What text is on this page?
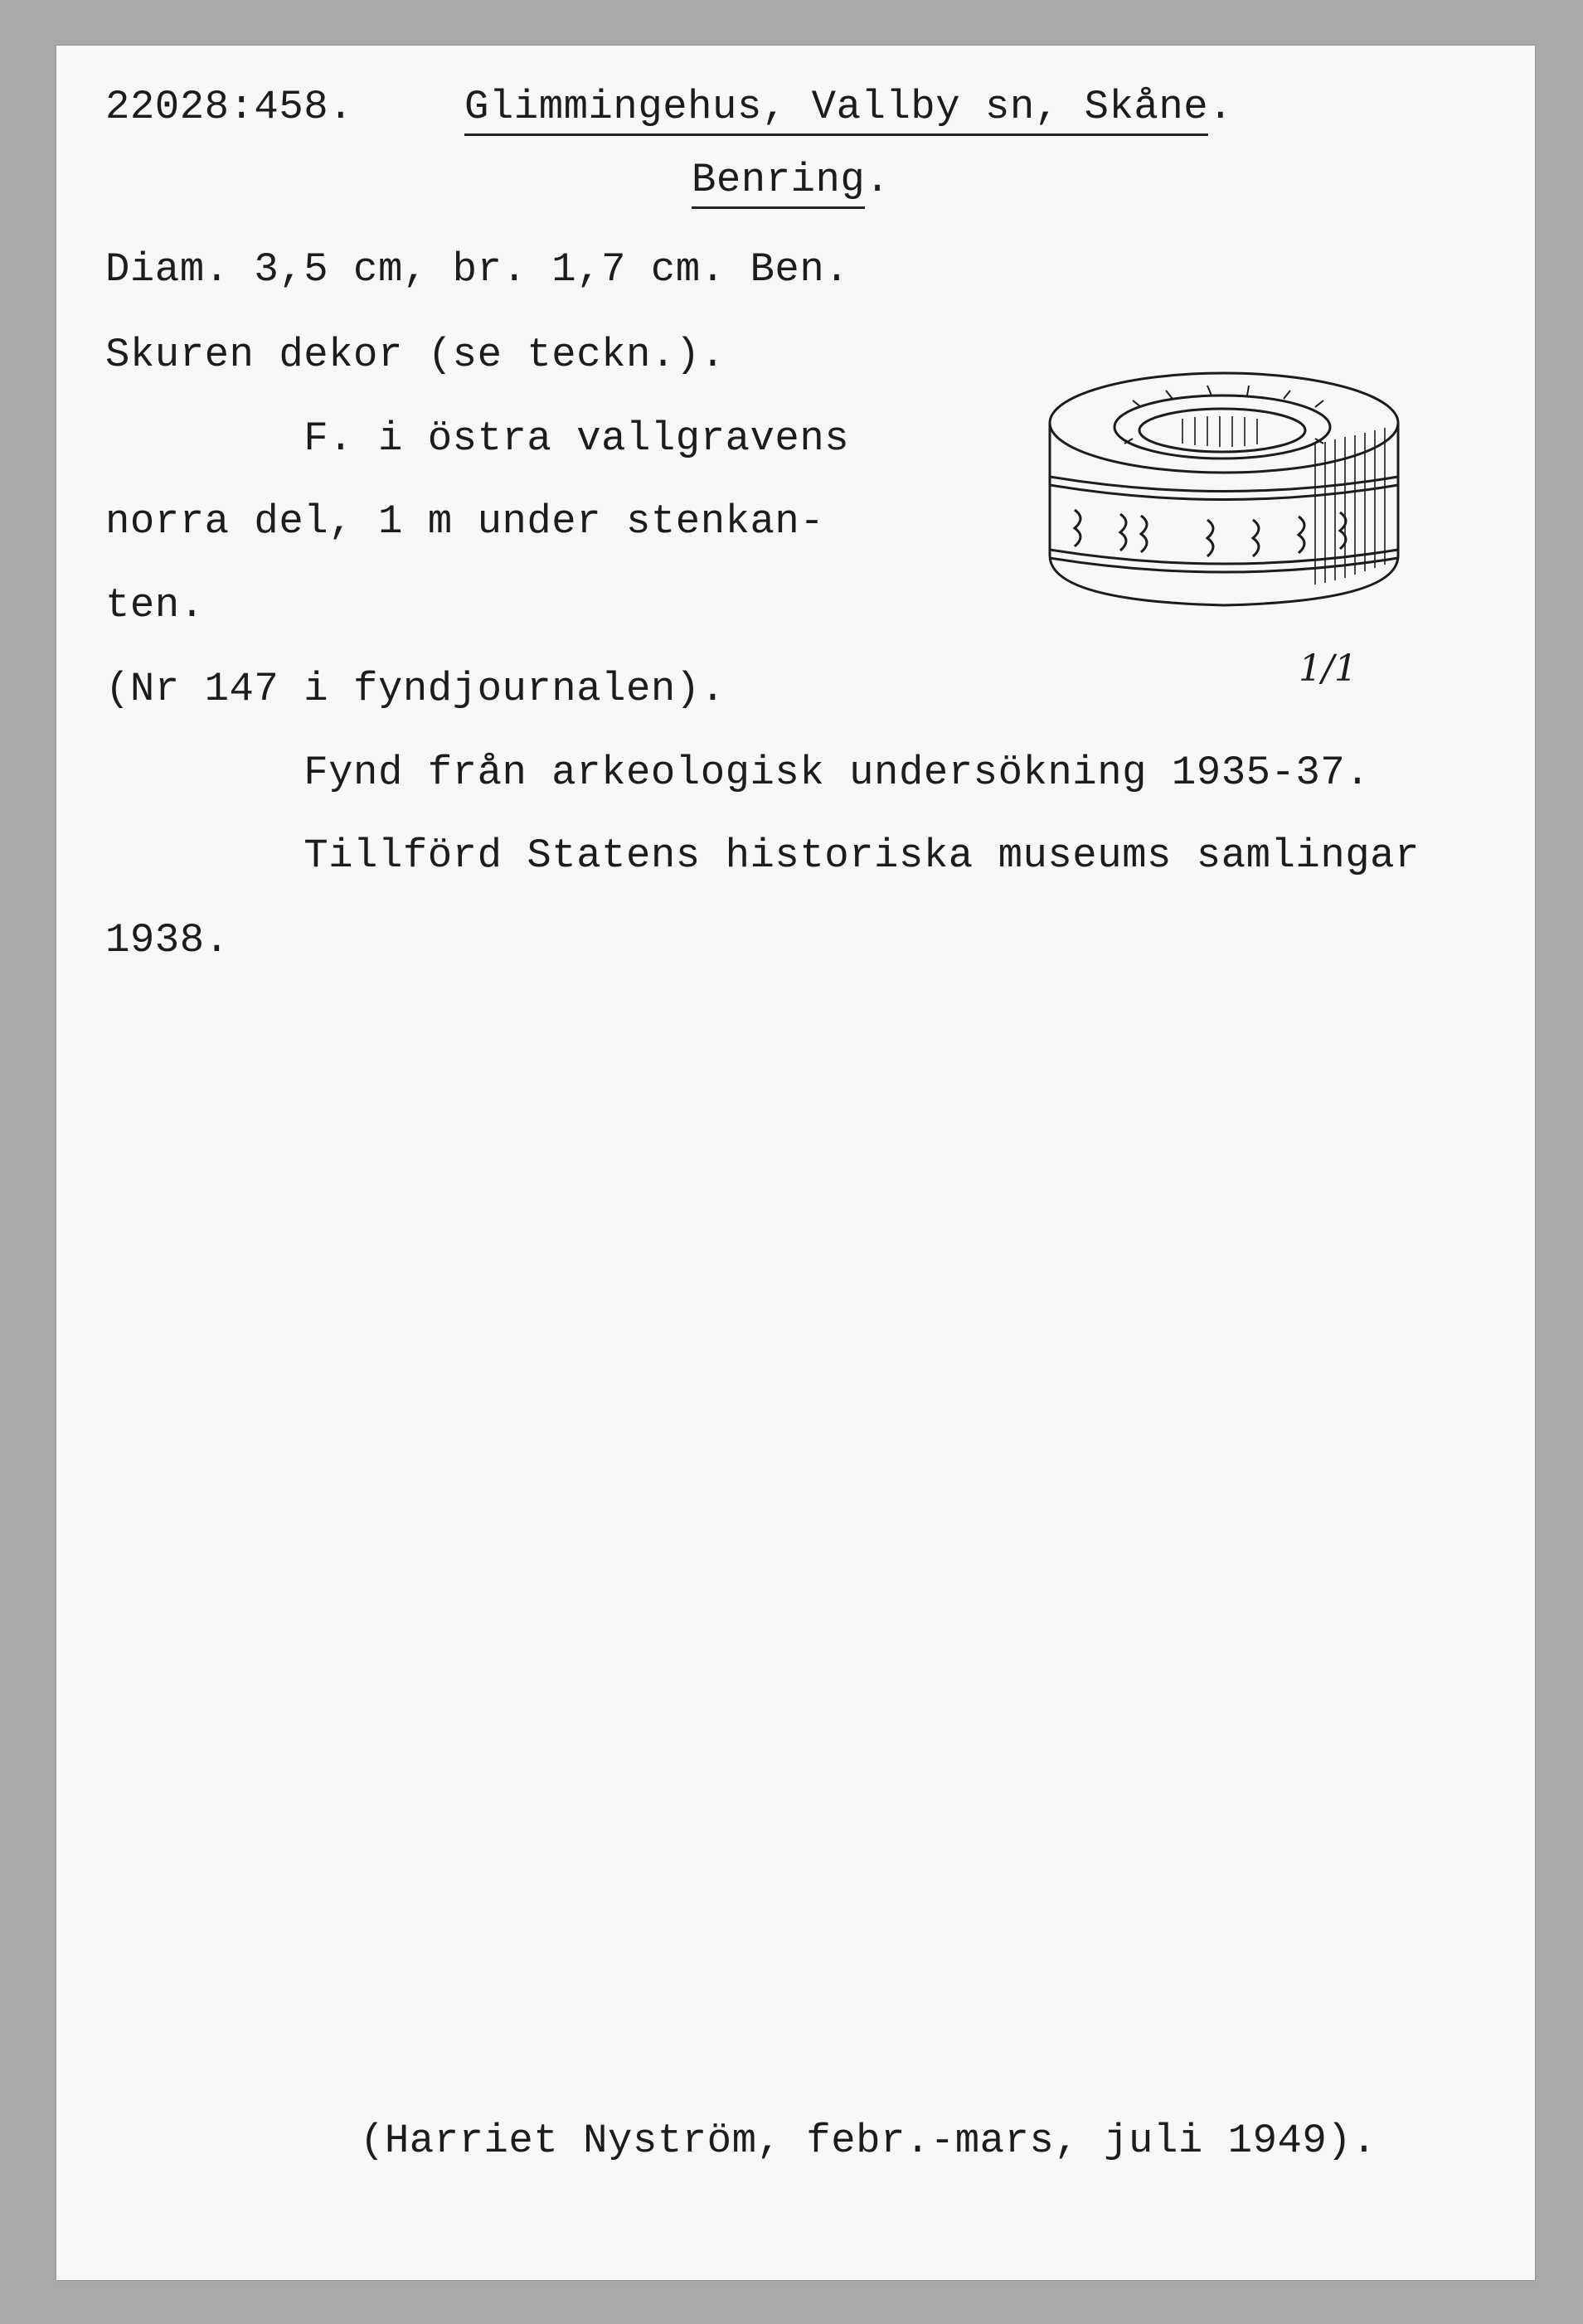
22028:458.	Glimmingehus, Vallby sn, Skåne.
Benring.
Diam. 3,5 cm, br. 1,7 cm. Ben.
Skuren dekor (se teckn.).
F. i östra vallgravens
norra del, 1 m under stenkan-
ten.
(Nr 147 i fyndjournalen).
Fynd från arkeologisk undersökning 1935-37.
Tillförd Statens historiska museums samlingar
1938.
1/1
(Harriet Nyström, febr.-mars, juli 1949).
